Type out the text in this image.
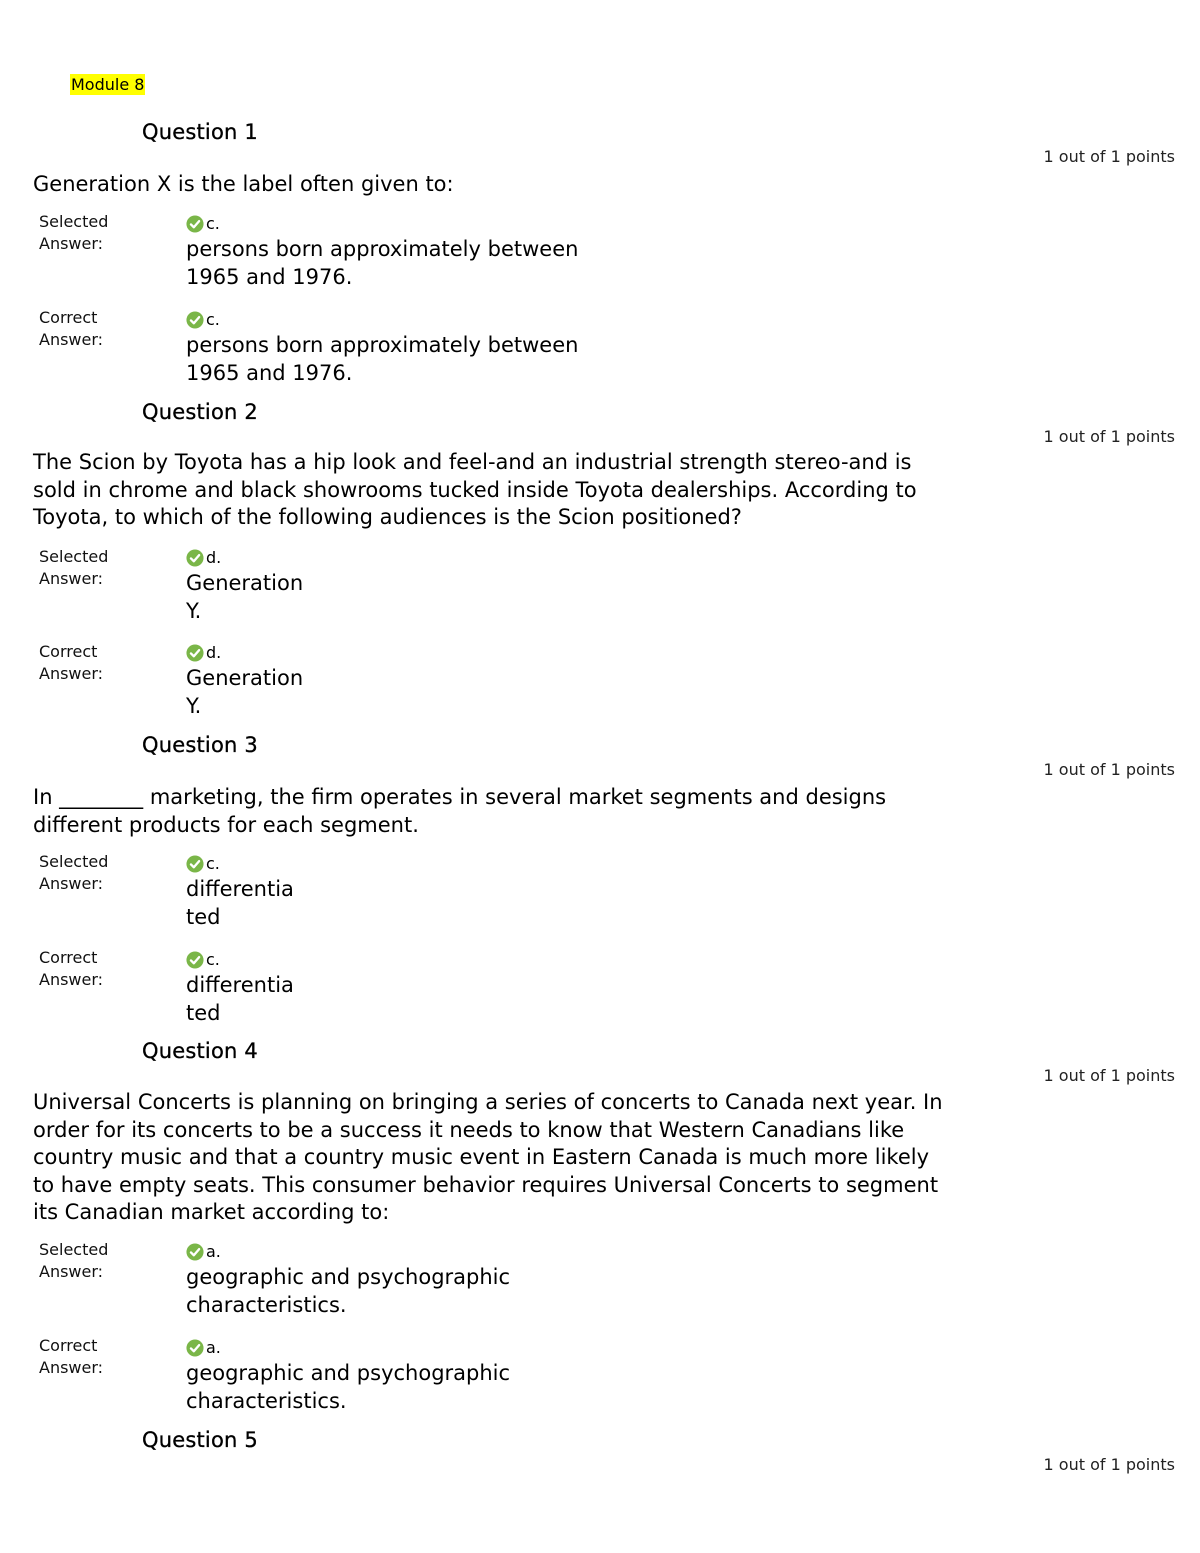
Module 8
Question 1
1 out of 1 points
Generation X is the label often given to:
Selected
Answer:
c.
persons born approximately between
1965 and 1976.
Correct
Answer:
c.
persons born approximately between
1965 and 1976.
Question 2
1 out of 1 points
The Scion by Toyota has a hip look and feel-and an industrial strength stereo-and is
sold in chrome and black showrooms tucked inside Toyota dealerships. According to
Toyota, to which of the following audiences is the Scion positioned?
Selected
Answer:
d.
Generation
Y.
Correct
Answer:
d.
Generation
Y.
Question 3
1 out of 1 points
In ________ marketing, the firm operates in several market segments and designs
different products for each segment.
Selected
Answer:
c.
differentia
ted
Correct
Answer:
c.
differentia
ted
Question 4
1 out of 1 points
Universal Concerts is planning on bringing a series of concerts to Canada next year. In
order for its concerts to be a success it needs to know that Western Canadians like
country music and that a country music event in Eastern Canada is much more likely
to have empty seats. This consumer behavior requires Universal Concerts to segment
its Canadian market according to:
Selected
Answer:
a.
geographic and psychographic
characteristics.
Correct
Answer:
a.
geographic and psychographic
characteristics.
Question 5
1 out of 1 points
